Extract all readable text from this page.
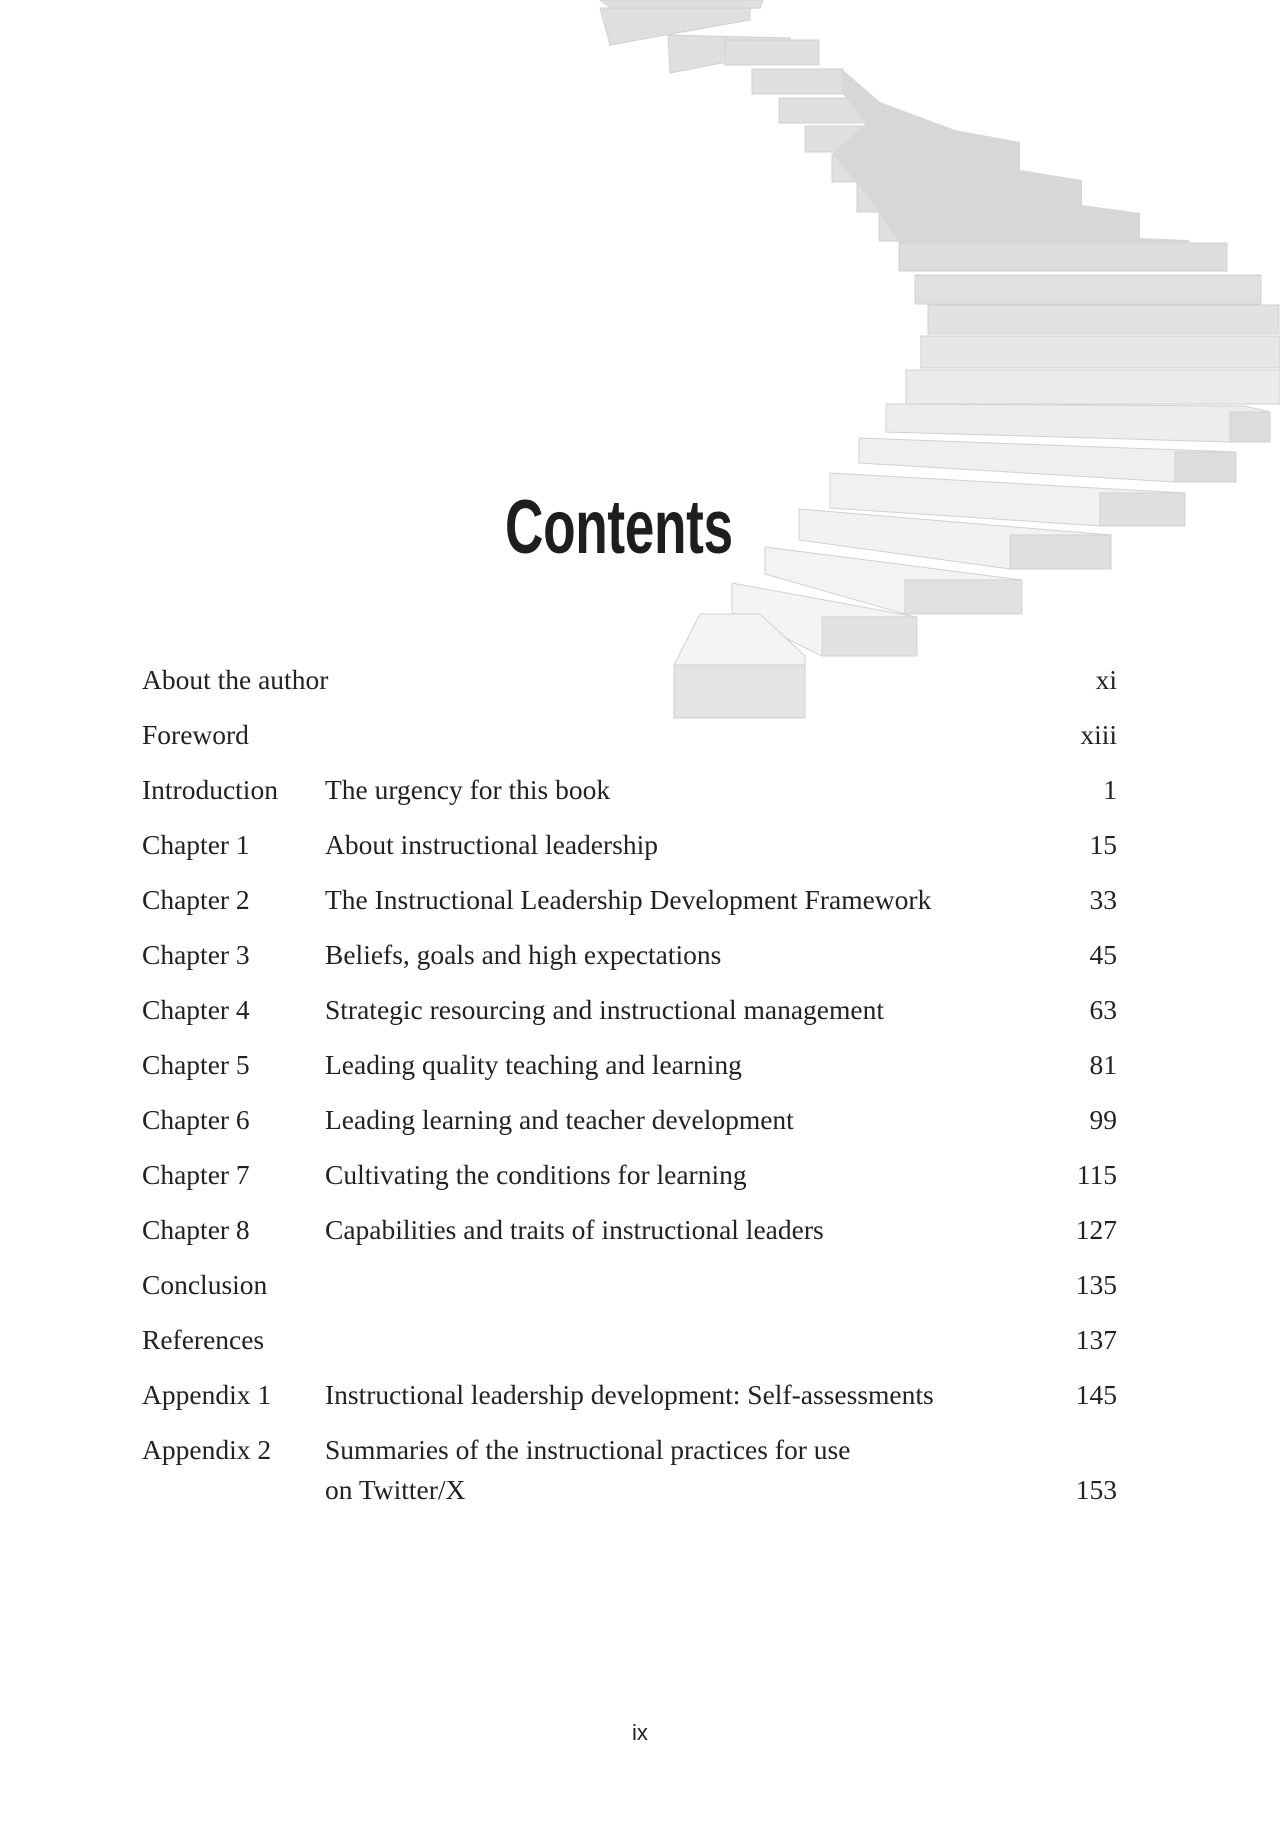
Contents
About the author	xi
Foreword	xiii
Introduction The urgency for this book	1
Chapter 1	About instructional leadership	15
Chapter 2	The Instructional Leadership Development Framework	33
Chapter 3	Beliefs, goals and high expectations	45
Chapter 4	Strategic resourcing and instructional management	63
Chapter 5	Leading quality teaching and learning	81
Chapter 6	Leading learning and teacher development	99
Chapter 7	Cultivating the conditions for learning	115
Chapter 8	Capabilities and traits of instructional leaders	127
Conclusion	135
References	137
Appendix 1 Instructional leadership development: Self-assessments	145
Appendix 2 Summaries of the instructional practices for use
on Twitter/X	153
ix
